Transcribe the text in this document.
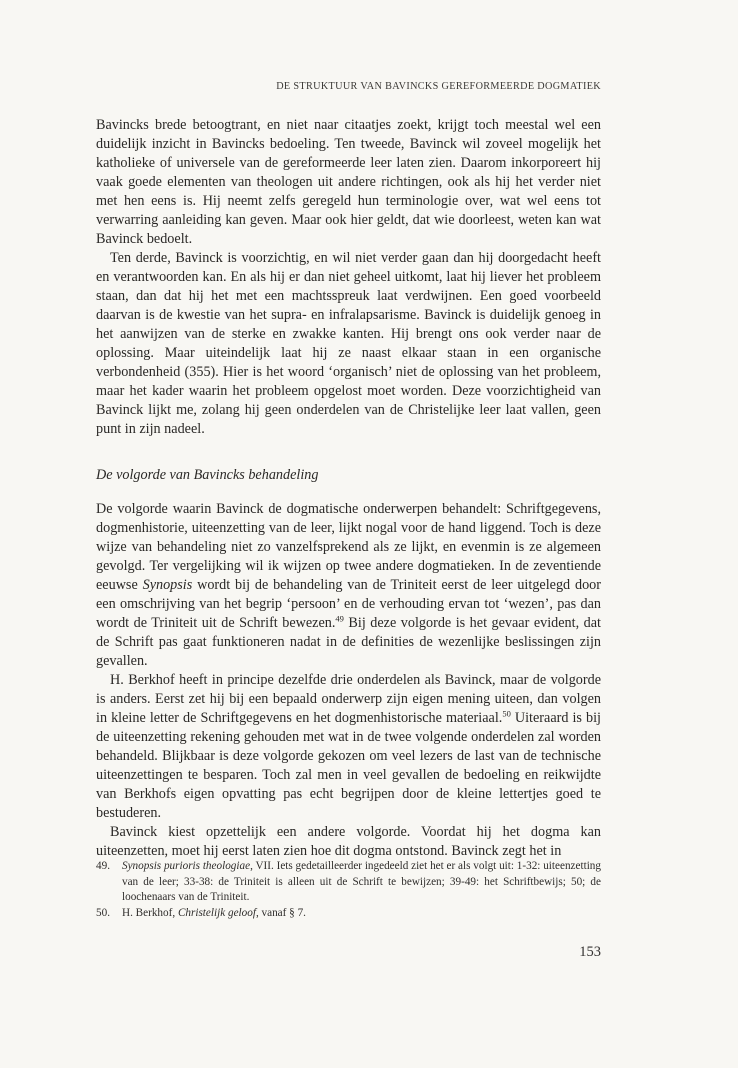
DE STRUKTUUR VAN BAVINCKS GEREFORMEERDE DOGMATIEK

Bavincks brede betoogtrant, en niet naar citaatjes zoekt, krijgt toch meestal wel een duidelijk inzicht in Bavincks bedoeling. Ten tweede, Bavinck wil zoveel mogelijk het katholieke of universele van de gereformeerde leer laten zien. Daarom inkorporeert hij vaak goede elementen van theologen uit andere richtingen, ook als hij het verder niet met hen eens is. Hij neemt zelfs geregeld hun terminologie over, wat wel eens tot verwarring aanleiding kan geven. Maar ook hier geldt, dat wie doorleest, weten kan wat Bavinck bedoelt.

Ten derde, Bavinck is voorzichtig, en wil niet verder gaan dan hij doorgedacht heeft en verantwoorden kan. En als hij er dan niet geheel uitkomt, laat hij liever het probleem staan, dan dat hij het met een machtsspreuk laat verdwijnen. Een goed voorbeeld daarvan is de kwestie van het supra- en infralapsarisme. Bavinck is duidelijk genoeg in het aanwijzen van de sterke en zwakke kanten. Hij brengt ons ook verder naar de oplossing. Maar uiteindelijk laat hij ze naast elkaar staan in een organische verbondenheid (355). Hier is het woord ‘organisch’ niet de oplossing van het probleem, maar het kader waarin het probleem opgelost moet worden. Deze voorzichtigheid van Bavinck lijkt me, zolang hij geen onderdelen van de Christelijke leer laat vallen, geen punt in zijn nadeel.

De volgorde van Bavincks behandeling

De volgorde waarin Bavinck de dogmatische onderwerpen behandelt: Schriftgegevens, dogmenhistorie, uiteenzetting van de leer, lijkt nogal voor de hand liggend. Toch is deze wijze van behandeling niet zo vanzelfsprekend als ze lijkt, en evenmin is ze algemeen gevolgd. Ter vergelijking wil ik wijzen op twee andere dogmatieken. In de zeventiende eeuwse Synopsis wordt bij de behandeling van de Triniteit eerst de leer uitgelegd door een omschrijving van het begrip ‘persoon’ en de verhouding ervan tot ‘wezen’, pas dan wordt de Triniteit uit de Schrift bewezen.$^{49}$ Bij deze volgorde is het gevaar evident, dat de Schrift pas gaat funktioneren nadat in de definities de wezenlijke beslissingen zijn gevallen.

H. Berkhof heeft in principe dezelfde drie onderdelen als Bavinck, maar de volgorde is anders. Eerst zet hij bij een bepaald onderwerp zijn eigen mening uiteen, dan volgen in kleine letter de Schriftgegevens en het dogmenhistorische materiaal.$^{50}$ Uiteraard is bij de uiteenzetting rekening gehouden met wat in de twee volgende onderdelen zal worden behandeld. Blijkbaar is deze volgorde gekozen om veel lezers de last van de technische uiteenzettingen te besparen. Toch zal men in veel gevallen de bedoeling en reikwijdte van Berkhofs eigen opvatting pas echt begrijpen door de kleine lettertjes goed te bestuderen.

Bavinck kiest opzettelijk een andere volgorde. Voordat hij het dogma kan uiteenzetten, moet hij eerst laten zien hoe dit dogma ontstond. Bavinck zegt het in

49.	Synopsis purioris theologiae, VII. Iets gedetailleerder ingedeeld ziet het er als volgt uit: 1-32: uiteenzetting van de leer; 33-38: de Triniteit is alleen uit de Schrift te bewijzen; 39-49: het Schriftbewijs; 50; de loochenaars van de Triniteit.
50.	H. Berkhof, Christelijk geloof, vanaf § 7.
153
